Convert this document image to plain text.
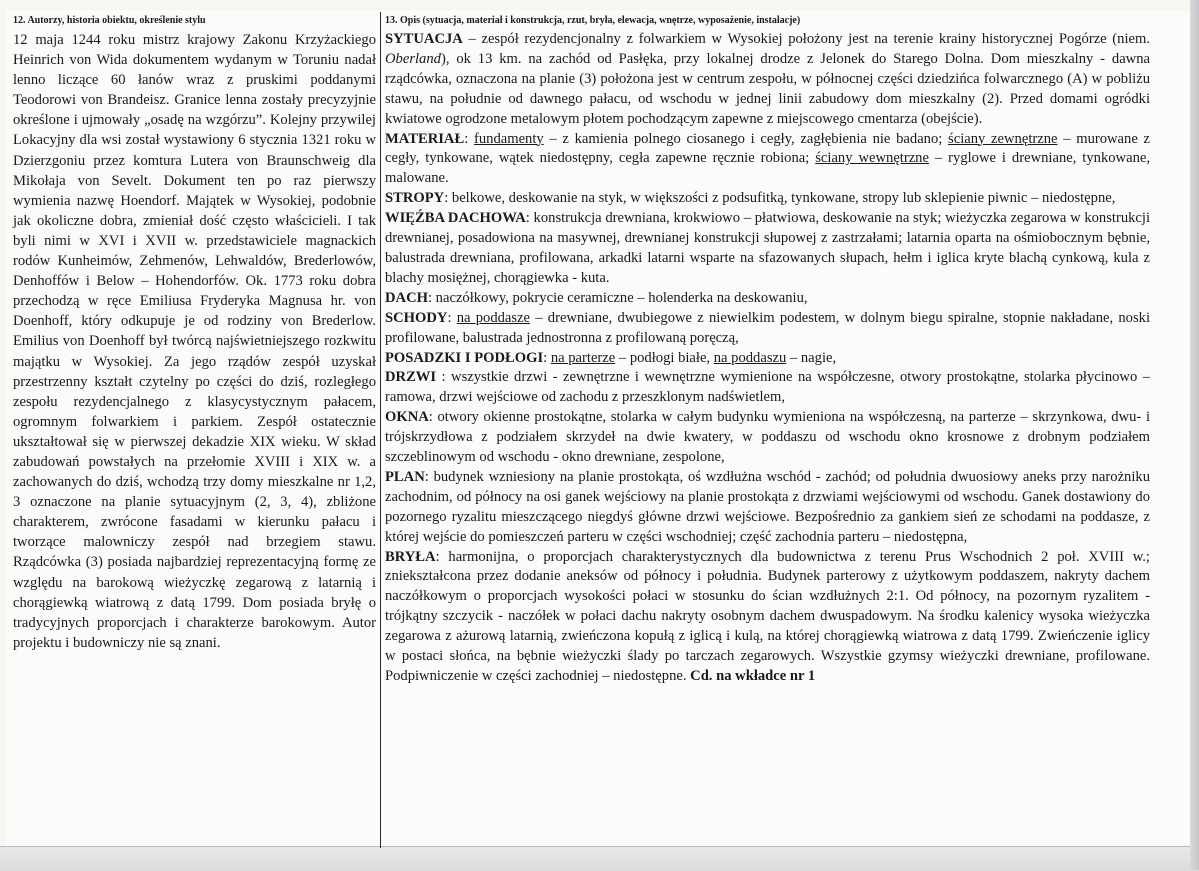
12. Autorzy, historia obiektu, określenie stylu

12 maja 1244 roku mistrz krajowy Zakonu Krzyżackiego Heinrich von Wida dokumentem wydanym w Toruniu nadał lenno liczące 60 łanów wraz z pruskimi poddanymi Teodorowi von Brandeisz. Granice lenna zostały precyzyjnie określone i ujmowały „osadę na wzgórzu”. Kolejny przywilej Lokacyjny dla wsi został wystawiony 6 stycznia 1321 roku w Dzierzgoniu przez komtura Lutera von Braunschweig dla Mikołaja von Sevelt. Dokument ten po raz pierwszy wymienia nazwę Hoendorf. Majątek w Wysokiej, podobnie jak okoliczne dobra, zmieniał dość często właścicieli. I tak byli nimi w XVI i XVII w. przedstawiciele magnackich rodów Kunheimów, Zehmenów, Lehwaldów, Brederlowów, Denhoffów i Below – Hohendorfów. Ok. 1773 roku dobra przechodzą w ręce Emiliusa Fryderyka Magnusa hr. von Doenhoff, który odkupuje je od rodziny von Brederlow. Emilius von Doenhoff był twórcą najświetniejszego rozkwitu majątku w Wysokiej. Za jego rządów zespół uzyskał przestrzenny kształt czytelny po części do dziś, rozległego zespołu rezydencjalnego z klasycystycznym pałacem, ogromnym folwarkiem i parkiem. Zespół ostatecznie ukształtował się w pierwszej dekadzie XIX wieku. W skład zabudowań powstałych na przełomie XVIII i XIX w. a zachowanych do dziś, wchodzą trzy domy mieszkalne nr 1,2, 3 oznaczone na planie sytuacyjnym (2, 3, 4), zbliżone charakterem, zwrócone fasadami w kierunku pałacu i tworzące malowniczy zespół nad brzegiem stawu. Rządcówka (3) posiada najbardziej reprezentacyjną formę ze względu na barokową wieżyczkę zegarową z latarnią i chorągiewką wiatrową z datą 1799. Dom posiada bryłę o tradycyjnych proporcjach i charakterze barokowym. Autor projektu i budowniczy nie są znani.

13. Opis (sytuacja, materiał i konstrukcja, rzut, bryła, elewacja, wnętrze, wyposażenie, instalacje)

SYTUACJA – zespół rezydencjonalny z folwarkiem w Wysokiej położony jest na terenie krainy historycznej Pogórze (niem. Oberland), ok 13 km. na zachód od Pasłęka, przy lokalnej drodze z Jelonek do Starego Dolna. Dom mieszkalny - dawna rządcówka, oznaczona na planie (3) położona jest w centrum zespołu, w północnej części dziedzińca folwarcznego (A) w pobliżu stawu, na południe od dawnego pałacu, od wschodu w jednej linii zabudowy dom mieszkalny (2). Przed domami ogródki kwiatowe ogrodzone metalowym płotem pochodzącym zapewne z miejscowego cmentarza (obejście).

MATERIAŁ: fundamenty – z kamienia polnego ciosanego i cegły, zagłębienia nie badano; ściany zewnętrzne – murowane z cegły, tynkowane, wątek niedostępny, cegła zapewne ręcznie robiona; ściany wewnętrzne – ryglowe i drewniane, tynkowane, malowane.

STROPY: belkowe, deskowanie na styk, w większości z podsufitką, tynkowane, stropy lub sklepienie piwnic – niedostępne,

WIĘŹBA DACHOWA: konstrukcja drewniana, krokwiowo – płatwiowa, deskowanie na styk; wieżyczka zegarowa w konstrukcji drewnianej, posadowiona na masywnej, drewnianej konstrukcji słupowej z zastrzałami; latarnia oparta na ośmiobocznym bębnie, balustrada drewniana, profilowana, arkadki latarni wsparte na sfazowanych słupach, hełm i iglica kryte blachą cynkową, kula z blachy mosiężnej, chorągiewka - kuta.

DACH: naczółkowy, pokrycie ceramiczne – holenderka na deskowaniu,

SCHODY: na poddasze – drewniane, dwubiegowe z niewielkim podestem, w dolnym biegu spiralne, stopnie nakładane, noski profilowane, balustrada jednostronna z profilowaną poręczą,

POSADZKI I PODŁOGI: na parterze – podłogi białe, na poddaszu – nagie,

DRZWI : wszystkie drzwi - zewnętrzne i wewnętrzne wymienione na współczesne, otwory prostokątne, stolarka płycinowo – ramowa, drzwi wejściowe od zachodu z przeszklonym nadświetlem,

OKNA: otwory okienne prostokątne, stolarka w całym budynku wymieniona na współczesną, na parterze – skrzynkowa, dwu- i trójskrzydłowa z podziałem skrzydeł na dwie kwatery, w poddaszu od wschodu okno krosnowe z drobnym podziałem szczeblinowym od wschodu - okno drewniane, zespolone,

PLAN: budynek wzniesiony na planie prostokąta, oś wzdłużna wschód - zachód; od południa dwuosiowy aneks przy narożniku zachodnim, od północy na osi ganek wejściowy na planie prostokąta z drzwiami wejściowymi od wschodu. Ganek dostawiony do pozornego ryzalitu mieszczącego niegdyś główne drzwi wejściowe. Bezpośrednio za gankiem sień ze schodami na poddasze, z której wejście do pomieszczeń parteru w części wschodniej; część zachodnia parteru – niedostępna,

BRYŁA: harmonijna, o proporcjach charakterystycznych dla budownictwa z terenu Prus Wschodnich 2 poł. XVIII w.; zniekształcona przez dodanie aneksów od północy i południa. Budynek parterowy z użytkowym poddaszem, nakryty dachem naczółkowym o proporcjach wysokości połaci w stosunku do ścian wzdłużnych 2:1. Od północy, na pozornym ryzalitem - trójkątny szczycik - naczółek w połaci dachu nakryty osobnym dachem dwuspadowym. Na środku kalenicy wysoka wieżyczka zegarowa z ażurową latarnią, zwieńczona kopułą z iglicą i kulą, na której chorągiewką wiatrowa z datą 1799. Zwieńczenie iglicy w postaci słońca, na bębnie wieżyczki ślady po tarczach zegarowych. Wszystkie gzymsy wieżyczki drewniane, profilowane. Podpiwniczenie w części zachodniej – niedostępne. Cd. na wkładce nr 1
